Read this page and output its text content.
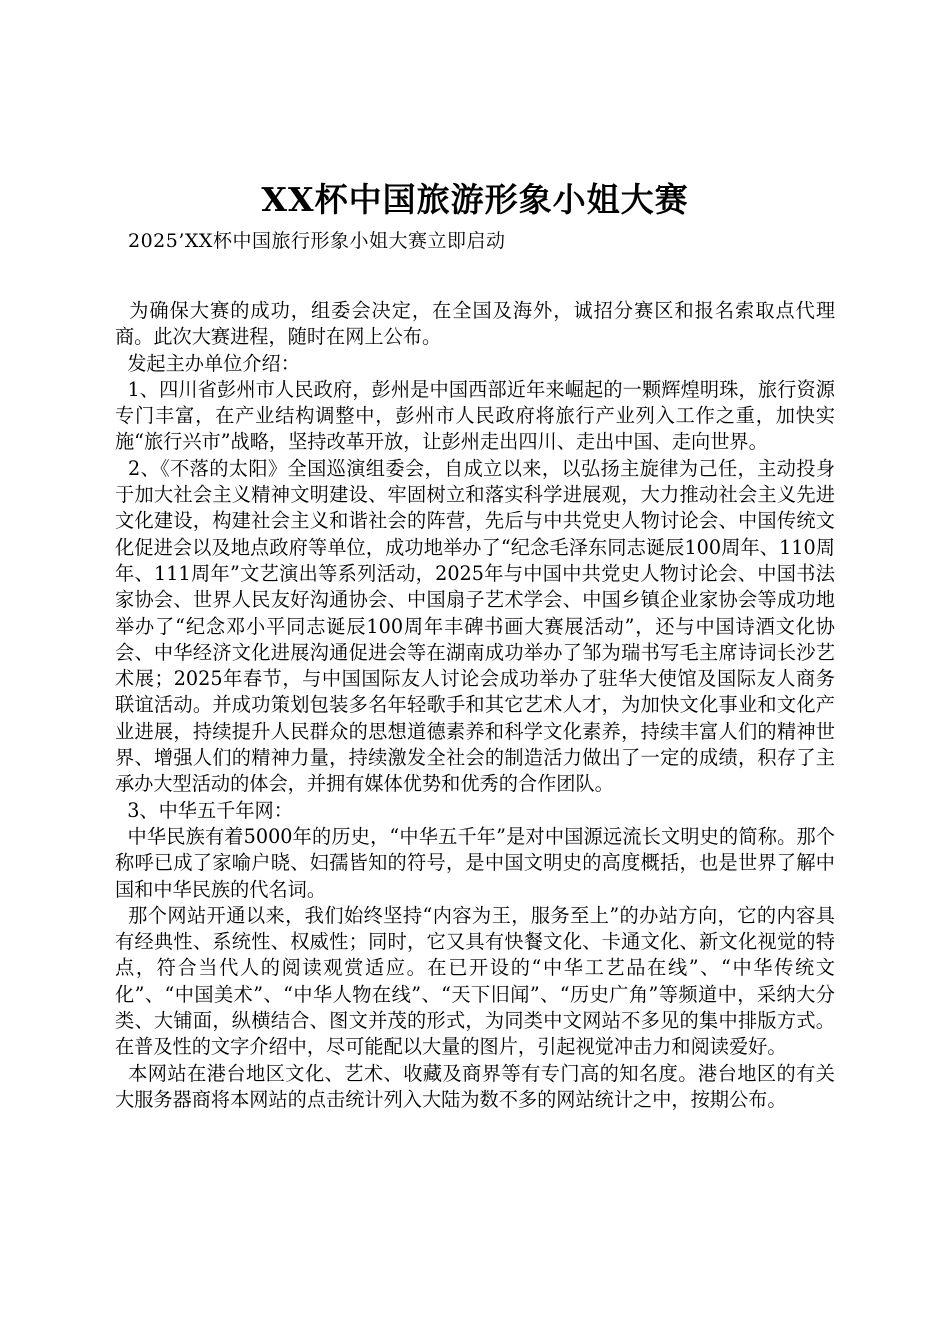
XX杯中国旅游形象小姐大赛
2025’XX杯中国旅行形象小姐大赛立即启动

为确保大赛的成功，组委会决定，在全国及海外，诚招分赛区和报名索取点代理商。此次大赛进程，随时在网上公布。

发起主办单位介绍：

1、四川省彭州市人民政府，彭州是中国西部近年来崛起的一颗辉煌明珠，旅行资源专门丰富，在产业结构调整中，彭州市人民政府将旅行产业列入工作之重，加快实施“旅行兴市”战略，坚持改革开放，让彭州走出四川、走出中国、走向世界。

2、《不落的太阳》全国巡演组委会，自成立以来，以弘扬主旋律为己任，主动投身于加大社会主义精神文明建设、牢固树立和落实科学进展观，大力推动社会主义先进文化建设，构建社会主义和谐社会的阵营，先后与中共党史人物讨论会、中国传统文化促进会以及地点政府等单位，成功地举办了“纪念毛泽东同志诞辰100周年、110周年、111周年”文艺演出等系列活动，2025年与中国中共党史人物讨论会、中国书法家协会、世界人民友好沟通协会、中国扇子艺术学会、中国乡镇企业家协会等成功地举办了“纪念邓小平同志诞辰100周年丰碑书画大赛展活动”，还与中国诗酒文化协会、中华经济文化进展沟通促进会等在湖南成功举办了邹为瑞书写毛主席诗词长沙艺术展；2025年春节，与中国国际友人讨论会成功举办了驻华大使馆及国际友人商务联谊活动。并成功策划包装多名年轻歌手和其它艺术人才，为加快文化事业和文化产业进展，持续提升人民群众的思想道德素养和科学文化素养，持续丰富人们的精神世界、增强人们的精神力量，持续激发全社会的制造活力做出了一定的成绩，积存了主承办大型活动的体会，并拥有媒体优势和优秀的合作团队。

3、中华五千年网：

中华民族有着5000年的历史，“中华五千年”是对中国源远流长文明史的简称。那个称呼已成了家喻户晓、妇孺皆知的符号，是中国文明史的高度概括，也是世界了解中国和中华民族的代名词。

那个网站开通以来，我们始终坚持“内容为王，服务至上”的办站方向，它的内容具有经典性、系统性、权威性；同时，它又具有快餐文化、卡通文化、新文化视觉的特点，符合当代人的阅读观赏适应。在已开设的“中华工艺品在线”、“中华传统文化”、“中国美术”、“中华人物在线”、“天下旧闻”、“历史广角”等频道中，采纳大分类、大铺面，纵横结合、图文并茂的形式，为同类中文网站不多见的集中排版方式。在普及性的文字介绍中，尽可能配以大量的图片，引起视觉冲击力和阅读爱好。

本网站在港台地区文化、艺术、收藏及商界等有专门高的知名度。港台地区的有关大服务器商将本网站的点击统计列入大陆为数不多的网站统计之中，按期公布。
